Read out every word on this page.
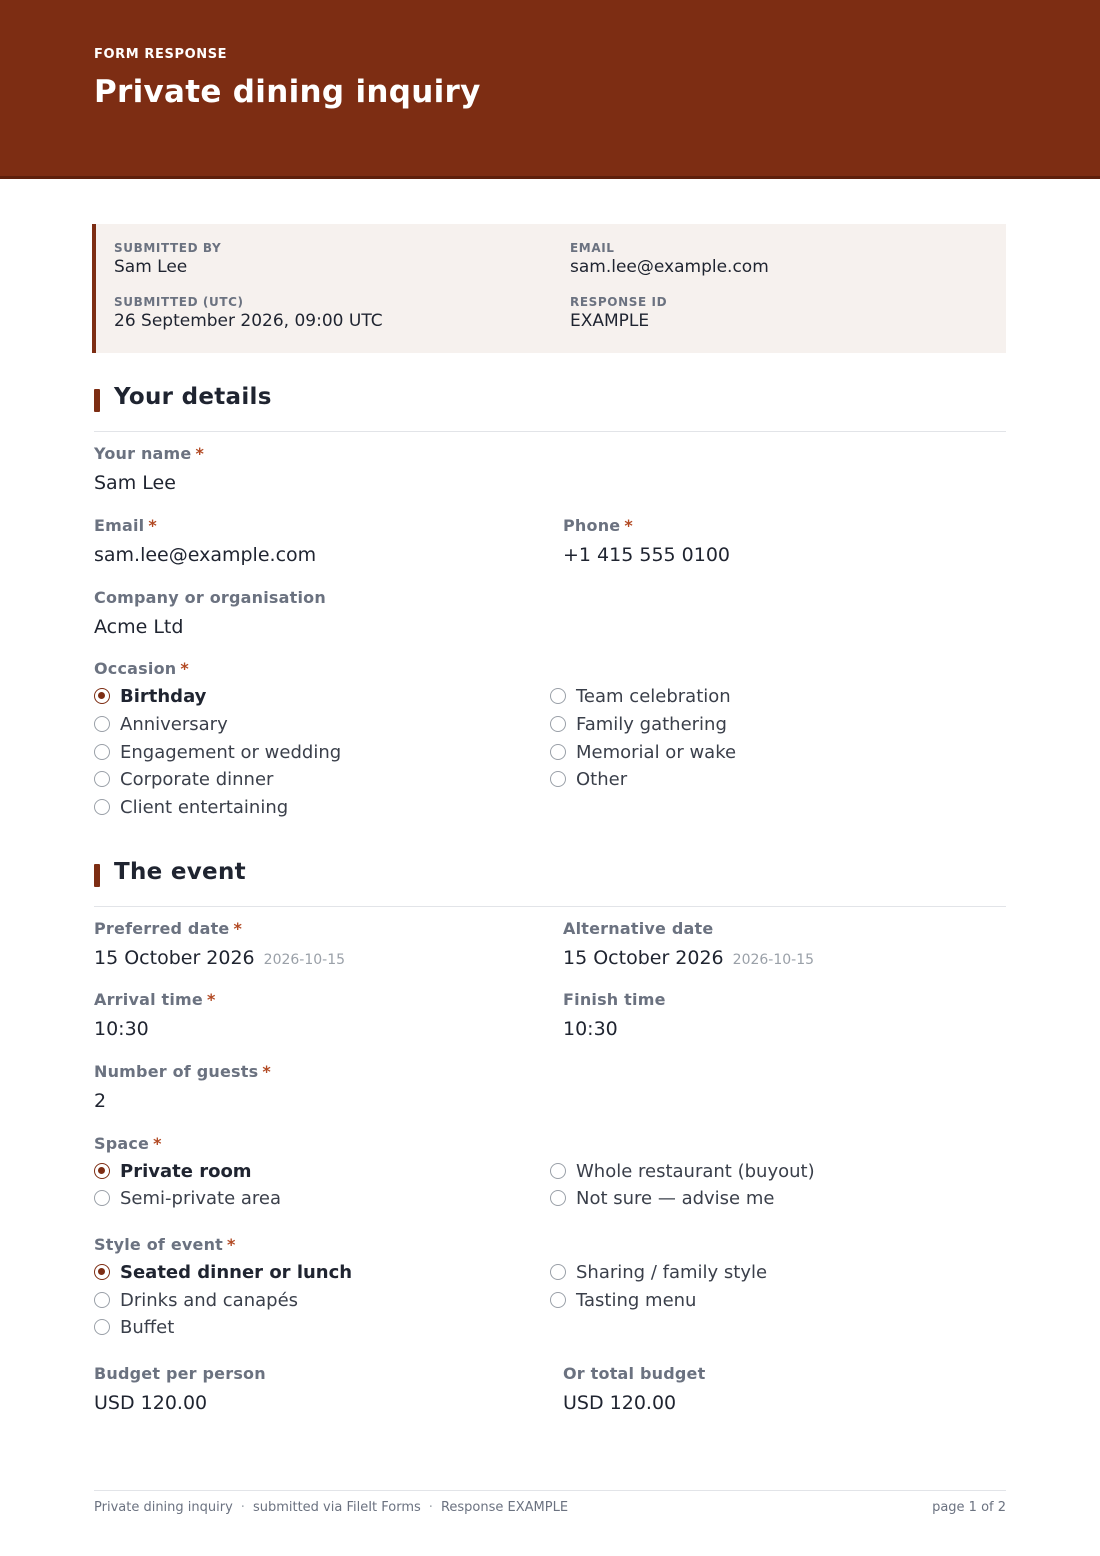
FORM RESPONSE
Private dining inquiry
SUBMITTED BY
Sam Lee
EMAIL
sam.lee@example.com
SUBMITTED (UTC)
26 September 2026, 09:00 UTC
RESPONSE ID
EXAMPLE
Your details
Your name *
Sam Lee
Email *
sam.lee@example.com
Phone *
+1 415 555 0100
Company or organisation
Acme Ltd
Occasion *
Birthday
Anniversary
Engagement or wedding
Corporate dinner
Client entertaining
Team celebration
Family gathering
Memorial or wake
Other
The event
Preferred date *
15 October 2026 2026-10-15
Alternative date
15 October 2026 2026-10-15
Arrival time *
10:30
Finish time
10:30
Number of guests *
2
Space *
Private room
Semi-private area
Whole restaurant (buyout)
Not sure — advise me
Style of event *
Seated dinner or lunch
Drinks and canapés
Buffet
Sharing / family style
Tasting menu
Budget per person
USD 120.00
Or total budget
USD 120.00
Private dining inquiry · submitted via FileIt Forms · Response EXAMPLE	page 1 of 2
